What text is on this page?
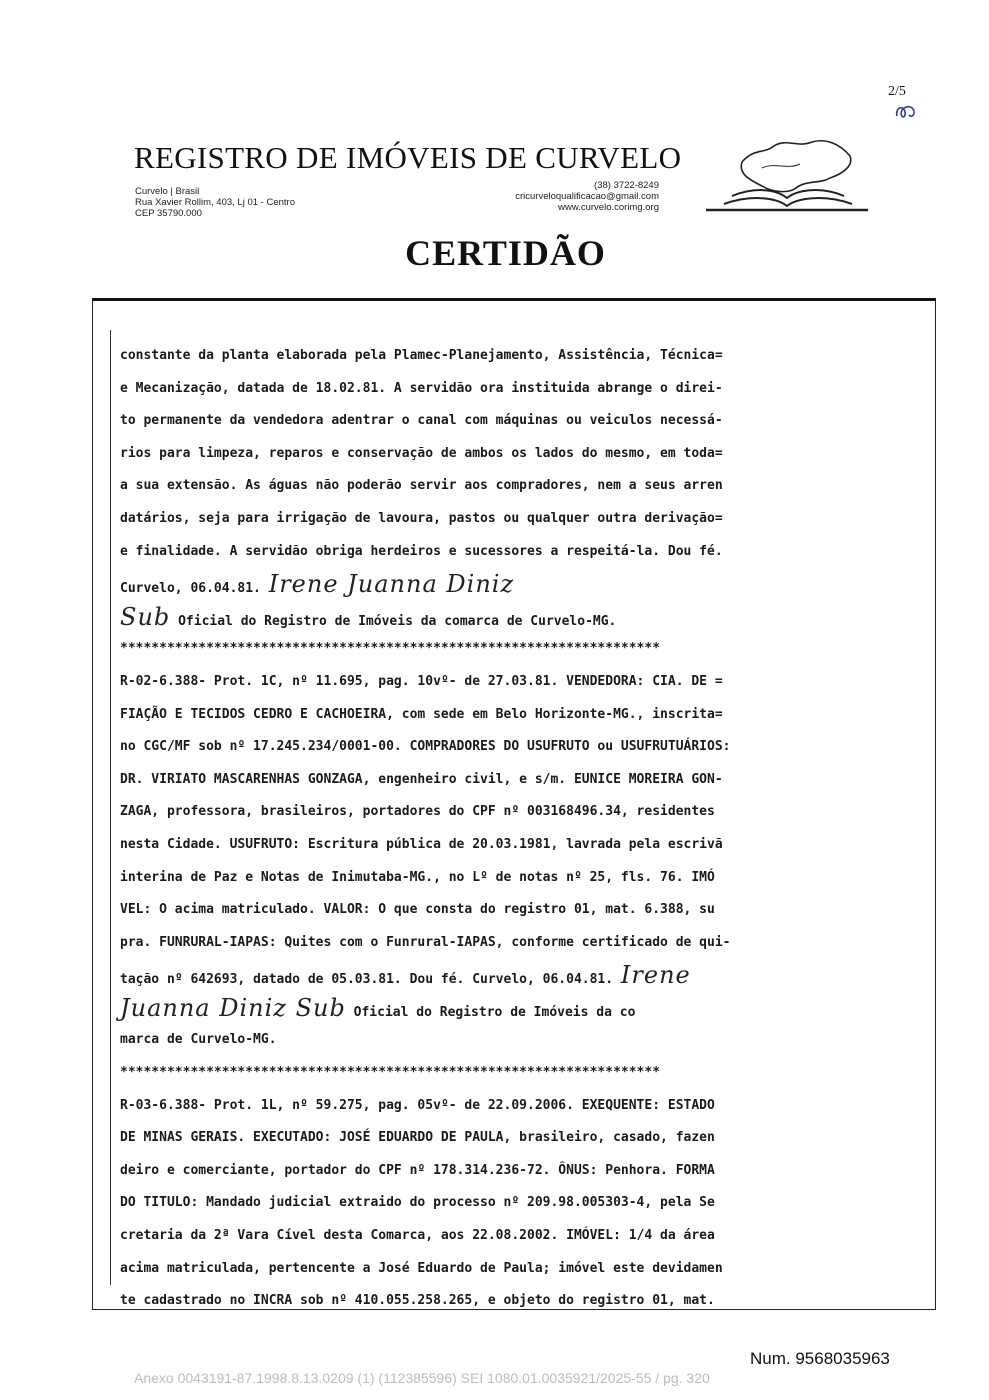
2/5
REGISTRO DE IMÓVEIS DE CURVELO
Curvelo | Brasil
Rua Xavier Rollim, 403, Lj 01 - Centro
CEP 35790.000
(38) 3722-8249
cricurveloqualificacao@gmail.com
www.curvelo.corimg.org
CERTIDÃO
constante da planta elaborada pela Plamec-Planejamento, Assistência, Técnica=
e Mecanização, datada de 18.02.81. A servidão ora instituida abrange o direi-
to permanente da vendedora adentrar o canal com máquinas ou veiculos necessá-
rios para limpeza, reparos e conservação de ambos os lados do mesmo, em toda=
a sua extensão. As águas não poderão servir aos compradores, nem a seus arren
datários, seja para irrigação de lavoura, pastos ou qualquer outra derivação=
e finalidade. A servidão obriga herdeiros e sucessores a respeitá-la. Dou fé.
Curvelo, 06.04.81. Irene Juanna Diniz
Sub Oficial do Registro de Imóveis da comarca de Curvelo-MG.
*********************************************************************
R-02-6.388- Prot. 1C, nº 11.695, pag. 10vº- de 27.03.81. VENDEDORA: CIA. DE =
FIAÇÃO E TECIDOS CEDRO E CACHOEIRA, com sede em Belo Horizonte-MG., inscrita=
no CGC/MF sob nº 17.245.234/0001-00. COMPRADORES DO USUFRUTO ou USUFRUTUÁRIOS:
DR. VIRIATO MASCARENHAS GONZAGA, engenheiro civil, e s/m. EUNICE MOREIRA GON-
ZAGA, professora, brasileiros, portadores do CPF nº 003168496.34, residentes
nesta Cidade. USUFRUTO: Escritura pública de 20.03.1981, lavrada pela escrivã
interina de Paz e Notas de Inimutaba-MG., no Lº de notas nº 25, fls. 76. IMÓ
VEL: O acima matriculado. VALOR: O que consta do registro 01, mat. 6.388, su
pra. FUNRURAL-IAPAS: Quites com o Funrural-IAPAS, conforme certificado de qui-
tação nº 642693, datado de 05.03.81. Dou fé. Curvelo, 06.04.81. Irene
Juanna Diniz Sub Oficial do Registro de Imóveis da co
marca de Curvelo-MG.
*********************************************************************
R-03-6.388- Prot. 1L, nº 59.275, pag. 05vº- de 22.09.2006. EXEQUENTE: ESTADO
DE MINAS GERAIS. EXECUTADO: JOSÉ EDUARDO DE PAULA, brasileiro, casado, fazen
deiro e comerciante, portador do CPF nº 178.314.236-72. ÔNUS: Penhora. FORMA
DO TITULO: Mandado judicial extraido do processo nº 209.98.005303-4, pela Se
cretaria da 2ª Vara Cível desta Comarca, aos 22.08.2002. IMÓVEL: 1/4 da área
acima matriculada, pertencente a José Eduardo de Paula; imóvel este devidamen
te cadastrado no INCRA sob nº 410.055.258.265, e objeto do registro 01, mat.
Num. 9568035963
Anexo 0043191-87.1998.8.13.0209 (1) (112385596) SEI 1080.01.0035921/2025-55 / pg. 320
